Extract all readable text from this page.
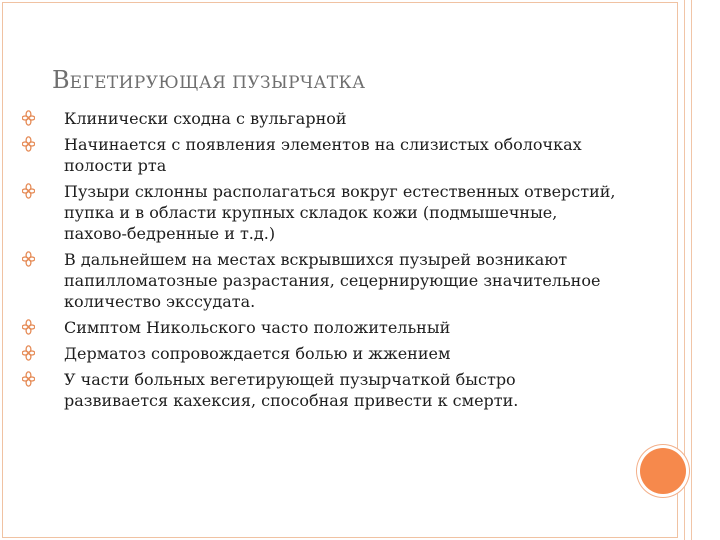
ВЕГЕТИРУЮЩАЯ ПУЗЫРЧАТКА
Клинически сходна с вульгарной
Начинается с появления элементов на слизистых оболочках полости рта
Пузыри склонны располагаться вокруг естественных отверстий, пупка и в области крупных складок кожи (подмышечные, пахово-бедренные и т.д.)
В дальнейшем на местах вскрывшихся пузырей возникают папилломатозные разрастания, сецернирующие значительное количество экссудата.
Симптом Никольского часто положительный
Дерматоз сопровождается болью и жжением
У части больных вегетирующей пузырчаткой быстро развивается кахексия, способная привести к смерти.
